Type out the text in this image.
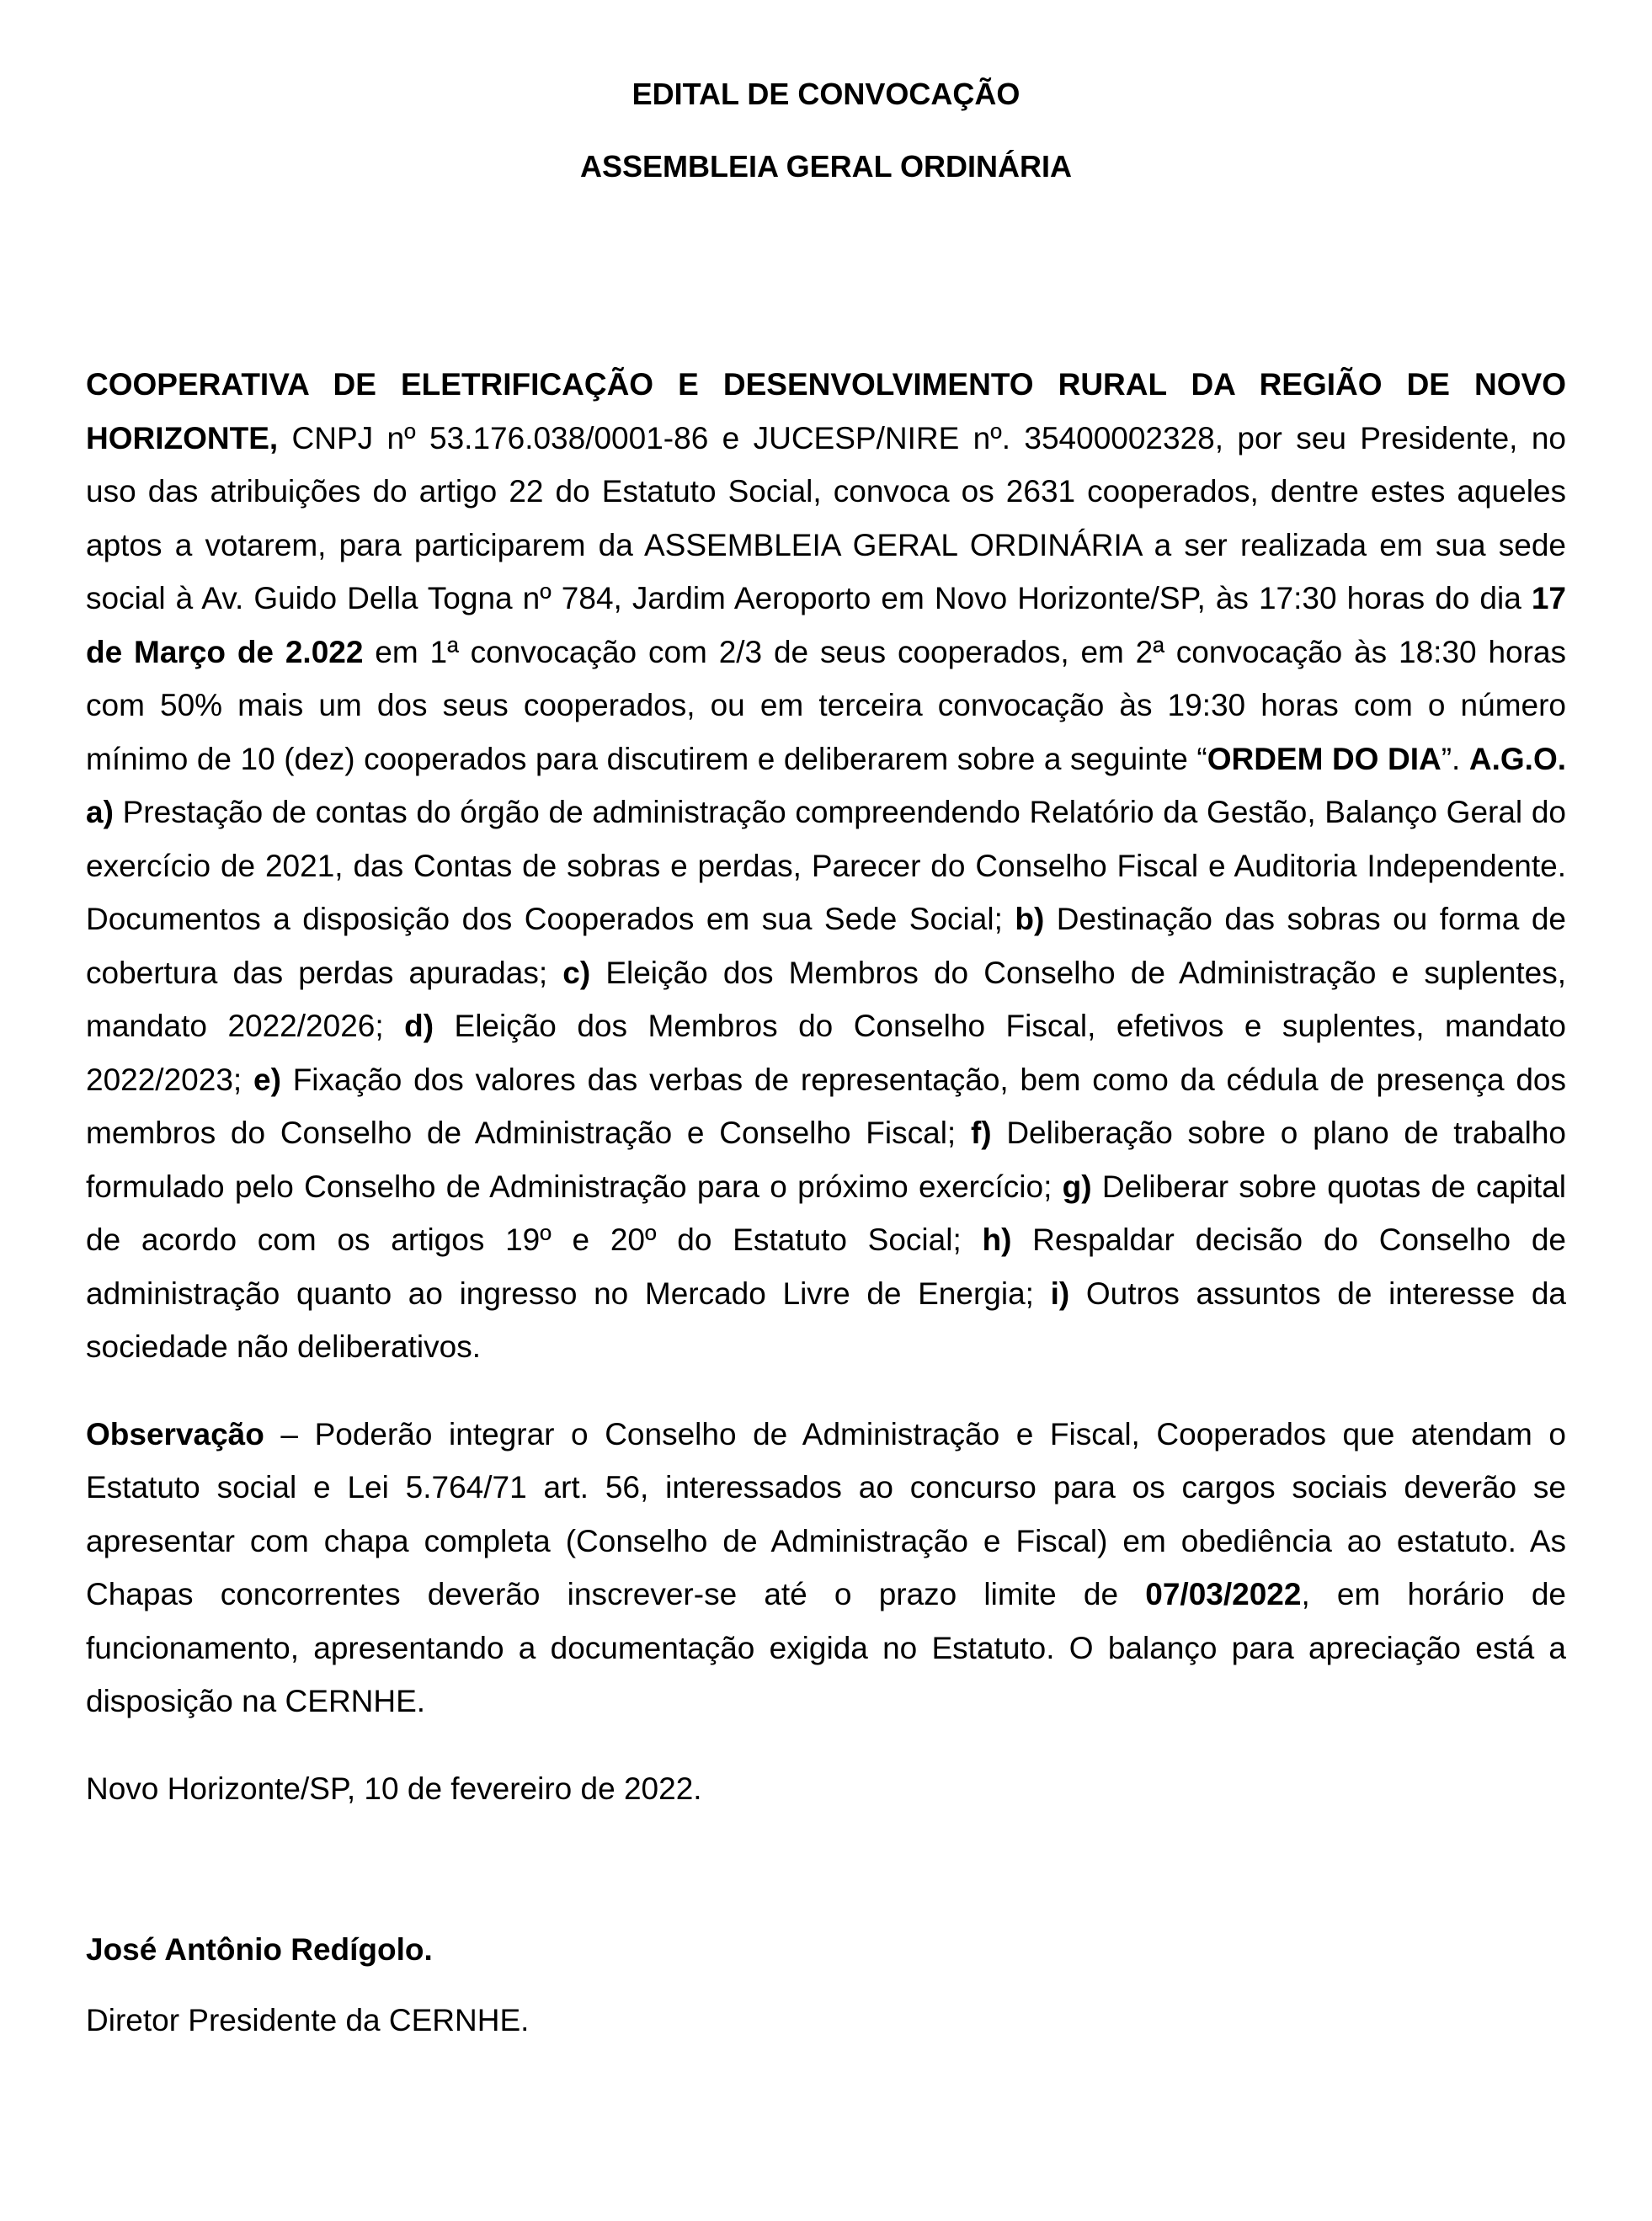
EDITAL DE CONVOCAÇÃO

ASSEMBLEIA GERAL ORDINÁRIA

COOPERATIVA DE ELETRIFICAÇÃO E DESENVOLVIMENTO RURAL DA REGIÃO DE NOVO HORIZONTE, CNPJ nº 53.176.038/0001-86 e JUCESP/NIRE nº. 35400002328, por seu Presidente, no uso das atribuições do artigo 22 do Estatuto Social, convoca os 2631 cooperados, dentre estes aqueles aptos a votarem, para participarem da ASSEMBLEIA GERAL ORDINÁRIA a ser realizada em sua sede social à Av. Guido Della Togna nº 784, Jardim Aeroporto em Novo Horizonte/SP, às 17:30 horas do dia 17 de Março de 2.022 em 1ª convocação com 2/3 de seus cooperados, em 2ª convocação às 18:30 horas com 50% mais um dos seus cooperados, ou em terceira convocação às 19:30 horas com o número mínimo de 10 (dez) cooperados para discutirem e deliberarem sobre a seguinte “ORDEM DO DIA”. A.G.O. a) Prestação de contas do órgão de administração compreendendo Relatório da Gestão, Balanço Geral do exercício de 2021, das Contas de sobras e perdas, Parecer do Conselho Fiscal e Auditoria Independente. Documentos a disposição dos Cooperados em sua Sede Social; b) Destinação das sobras ou forma de cobertura das perdas apuradas; c) Eleição dos Membros do Conselho de Administração e suplentes, mandato 2022/2026; d) Eleição dos Membros do Conselho Fiscal, efetivos e suplentes, mandato 2022/2023; e) Fixação dos valores das verbas de representação, bem como da cédula de presença dos membros do Conselho de Administração e Conselho Fiscal; f) Deliberação sobre o plano de trabalho formulado pelo Conselho de Administração para o próximo exercício; g) Deliberar sobre quotas de capital de acordo com os artigos 19º e 20º do Estatuto Social; h) Respaldar decisão do Conselho de administração quanto ao ingresso no Mercado Livre de Energia; i) Outros assuntos de interesse da sociedade não deliberativos.

Observação – Poderão integrar o Conselho de Administração e Fiscal, Cooperados que atendam o Estatuto social e Lei 5.764/71 art. 56, interessados ao concurso para os cargos sociais deverão se apresentar com chapa completa (Conselho de Administração e Fiscal) em obediência ao estatuto. As Chapas concorrentes deverão inscrever-se até o prazo limite de 07/03/2022, em horário de funcionamento, apresentando a documentação exigida no Estatuto. O balanço para apreciação está a disposição na CERNHE.

Novo Horizonte/SP, 10 de fevereiro de 2022.

José Antônio Redígolo.

Diretor Presidente da CERNHE.
